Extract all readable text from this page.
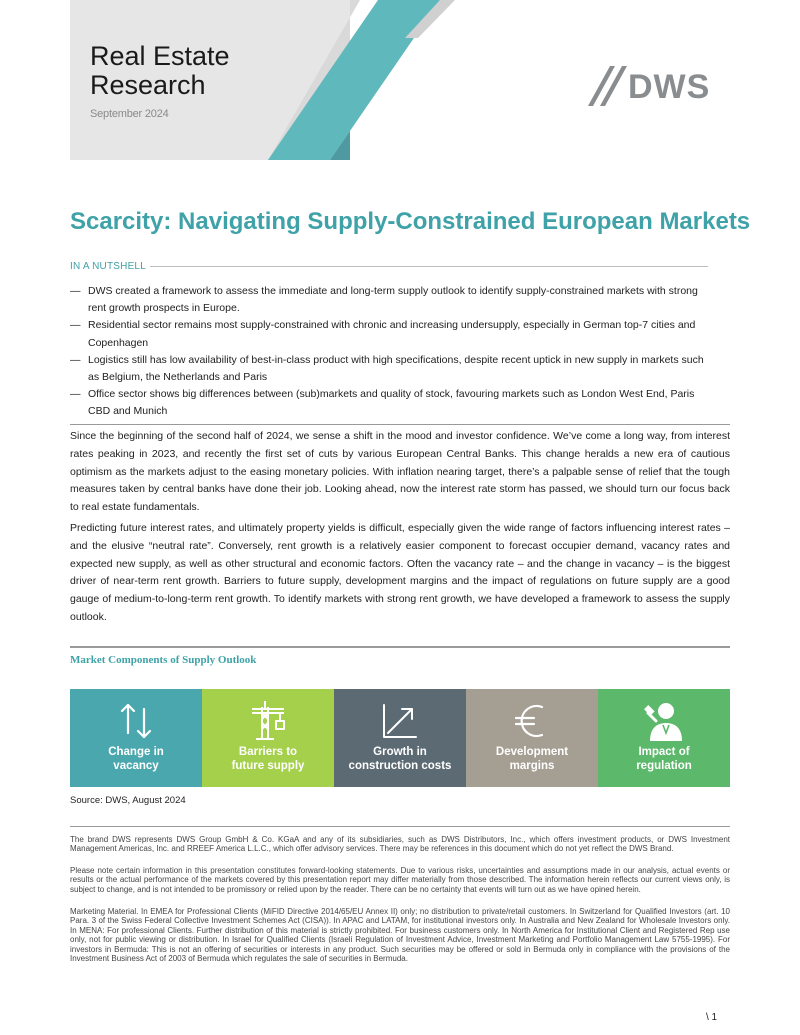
Real Estate
Research
September 2024
DWS
Scarcity: Navigating Supply-Constrained European Markets
IN A NUTSHELL
— DWS created a framework to assess the immediate and long-term supply outlook to identify supply-constrained markets with strong rent growth prospects in Europe.
— Residential sector remains most supply-constrained with chronic and increasing undersupply, especially in German top-7 cities and Copenhagen
— Logistics still has low availability of best-in-class product with high specifications, despite recent uptick in new supply in markets such as Belgium, the Netherlands and Paris
— Office sector shows big differences between (sub)markets and quality of stock, favouring markets such as London West End, Paris CBD and Munich

Since the beginning of the second half of 2024, we sense a shift in the mood and investor confidence. We’ve come a long way, from interest rates peaking in 2023, and recently the first set of cuts by various European Central Banks. This change heralds a new era of cautious optimism as the markets adjust to the easing monetary policies. With inflation nearing target, there’s a palpable sense of relief that the tough measures taken by central banks have done their job. Looking ahead, now the interest rate storm has passed, we should turn our focus back to real estate fundamentals.

Predicting future interest rates, and ultimately property yields is difficult, especially given the wide range of factors influencing interest rates – and the elusive “neutral rate”. Conversely, rent growth is a relatively easier component to forecast occupier demand, vacancy rates and expected new supply, as well as other structural and economic factors. Often the vacancy rate – and the change in vacancy – is the biggest driver of near-term rent growth. Barriers to future supply, development margins and the impact of regulations on future supply are a good gauge of medium-to-long-term rent growth. To identify markets with strong rent growth, we have developed a framework to assess the supply outlook.

Market Components of Supply Outlook
Change in
vacancy
Barriers to
future supply
Growth in
construction costs
Development
margins
Impact of
regulation
Source: DWS, August 2024

The brand DWS represents DWS Group GmbH & Co. KGaA and any of its subsidiaries, such as DWS Distributors, Inc., which offers investment products, or DWS Investment Management Americas, Inc. and RREEF America L.L.C., which offer advisory services. There may be references in this document which do not yet reflect the DWS Brand.

Please note certain information in this presentation constitutes forward-looking statements. Due to various risks, uncertainties and assumptions made in our analysis, actual events or results or the actual performance of the markets covered by this presentation report may differ materially from those described. The information herein reflects our current views only, is subject to change, and is not intended to be promissory or relied upon by the reader. There can be no certainty that events will turn out as we have opined herein.

Marketing Material. In EMEA for Professional Clients (MiFID Directive 2014/65/EU Annex II) only; no distribution to private/retail customers. In Switzerland for Qualified Investors (art. 10 Para. 3 of the Swiss Federal Collective Investment Schemes Act (CISA)). In APAC and LATAM, for institutional investors only. In Australia and New Zealand for Wholesale Investors only. In MENA: For professional Clients. Further distribution of this material is strictly prohibited. For business customers only. In North America for Institutional Client and Registered Rep use only, not for public viewing or distribution. In Israel for Qualified Clients (Israeli Regulation of Investment Advice, Investment Marketing and Portfolio Management Law 5755-1995). For investors in Bermuda: This is not an offering of securities or interests in any product. Such securities may be offered or sold in Bermuda only in compliance with the provisions of the Investment Business Act of 2003 of Bermuda which regulates the sale of securities in Bermuda.

\ 1
